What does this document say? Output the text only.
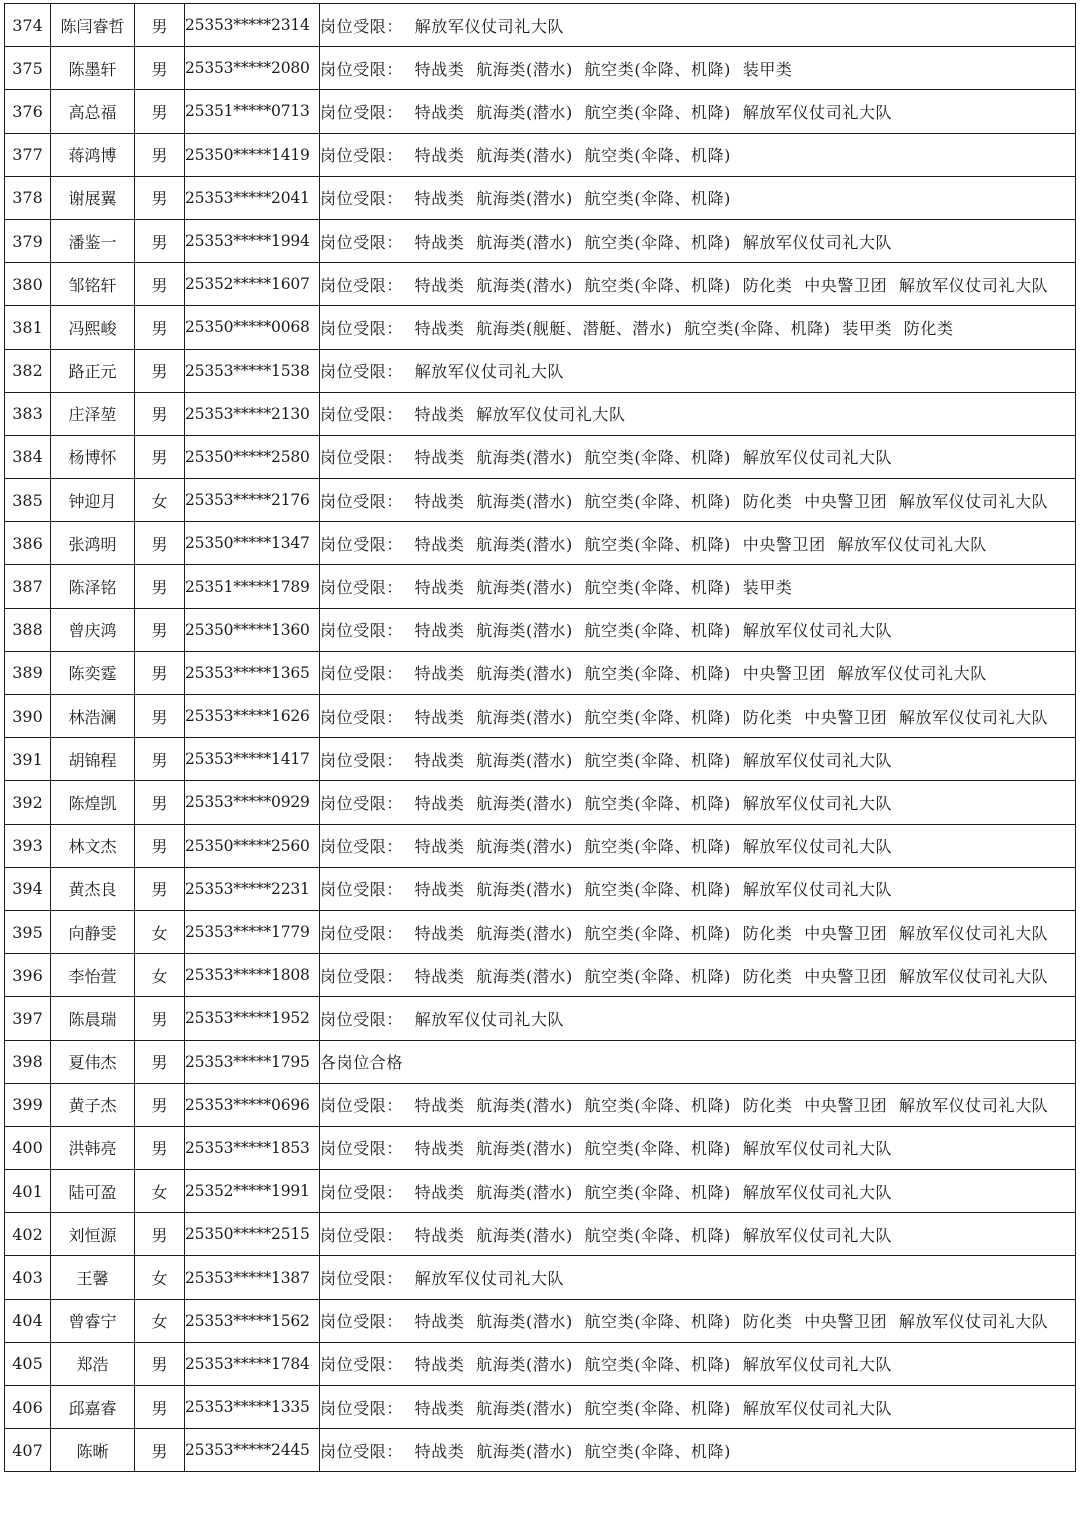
374	陈闫睿哲	男	25353*****2314	岗位受限： 解放军仪仗司礼大队
375	陈墨轩	男	25353*****2080	岗位受限： 特战类 航海类(潜水) 航空类(伞降、机降) 装甲类
376	高总福	男	25351*****0713	岗位受限： 特战类 航海类(潜水) 航空类(伞降、机降) 解放军仪仗司礼大队
377	蒋鸿博	男	25350*****1419	岗位受限： 特战类 航海类(潜水) 航空类(伞降、机降)
378	谢展翼	男	25353*****2041	岗位受限： 特战类 航海类(潜水) 航空类(伞降、机降)
379	潘鉴一	男	25353*****1994	岗位受限： 特战类 航海类(潜水) 航空类(伞降、机降) 解放军仪仗司礼大队
380	邹铭轩	男	25352*****1607	岗位受限： 特战类 航海类(潜水) 航空类(伞降、机降) 防化类 中央警卫团 解放军仪仗司礼大队
381	冯熙峻	男	25350*****0068	岗位受限： 特战类 航海类(舰艇、潜艇、潜水) 航空类(伞降、机降) 装甲类 防化类
382	路正元	男	25353*****1538	岗位受限： 解放军仪仗司礼大队
383	庄泽堃	男	25353*****2130	岗位受限： 特战类 解放军仪仗司礼大队
384	杨博怀	男	25350*****2580	岗位受限： 特战类 航海类(潜水) 航空类(伞降、机降) 解放军仪仗司礼大队
385	钟迎月	女	25353*****2176	岗位受限： 特战类 航海类(潜水) 航空类(伞降、机降) 防化类 中央警卫团 解放军仪仗司礼大队
386	张鸿明	男	25350*****1347	岗位受限： 特战类 航海类(潜水) 航空类(伞降、机降) 中央警卫团 解放军仪仗司礼大队
387	陈泽铭	男	25351*****1789	岗位受限： 特战类 航海类(潜水) 航空类(伞降、机降) 装甲类
388	曾庆鸿	男	25350*****1360	岗位受限： 特战类 航海类(潜水) 航空类(伞降、机降) 解放军仪仗司礼大队
389	陈奕霆	男	25353*****1365	岗位受限： 特战类 航海类(潜水) 航空类(伞降、机降) 中央警卫团 解放军仪仗司礼大队
390	林浩澜	男	25353*****1626	岗位受限： 特战类 航海类(潜水) 航空类(伞降、机降) 防化类 中央警卫团 解放军仪仗司礼大队
391	胡锦程	男	25353*****1417	岗位受限： 特战类 航海类(潜水) 航空类(伞降、机降) 解放军仪仗司礼大队
392	陈煌凯	男	25353*****0929	岗位受限： 特战类 航海类(潜水) 航空类(伞降、机降) 解放军仪仗司礼大队
393	林文杰	男	25350*****2560	岗位受限： 特战类 航海类(潜水) 航空类(伞降、机降) 解放军仪仗司礼大队
394	黄杰良	男	25353*****2231	岗位受限： 特战类 航海类(潜水) 航空类(伞降、机降) 解放军仪仗司礼大队
395	向静雯	女	25353*****1779	岗位受限： 特战类 航海类(潜水) 航空类(伞降、机降) 防化类 中央警卫团 解放军仪仗司礼大队
396	李怡萱	女	25353*****1808	岗位受限： 特战类 航海类(潜水) 航空类(伞降、机降) 防化类 中央警卫团 解放军仪仗司礼大队
397	陈晨瑞	男	25353*****1952	岗位受限： 解放军仪仗司礼大队
398	夏伟杰	男	25353*****1795	各岗位合格
399	黄子杰	男	25353*****0696	岗位受限： 特战类 航海类(潜水) 航空类(伞降、机降) 防化类 中央警卫团 解放军仪仗司礼大队
400	洪韩亮	男	25353*****1853	岗位受限： 特战类 航海类(潜水) 航空类(伞降、机降) 解放军仪仗司礼大队
401	陆可盈	女	25352*****1991	岗位受限： 特战类 航海类(潜水) 航空类(伞降、机降) 解放军仪仗司礼大队
402	刘恒源	男	25350*****2515	岗位受限： 特战类 航海类(潜水) 航空类(伞降、机降) 解放军仪仗司礼大队
403	王馨	女	25353*****1387	岗位受限： 解放军仪仗司礼大队
404	曾睿宁	女	25353*****1562	岗位受限： 特战类 航海类(潜水) 航空类(伞降、机降) 防化类 中央警卫团 解放军仪仗司礼大队
405	郑浩	男	25353*****1784	岗位受限： 特战类 航海类(潜水) 航空类(伞降、机降) 解放军仪仗司礼大队
406	邱嘉睿	男	25353*****1335	岗位受限： 特战类 航海类(潜水) 航空类(伞降、机降) 解放军仪仗司礼大队
407	陈晰	男	25353*****2445	岗位受限： 特战类 航海类(潜水) 航空类(伞降、机降)
